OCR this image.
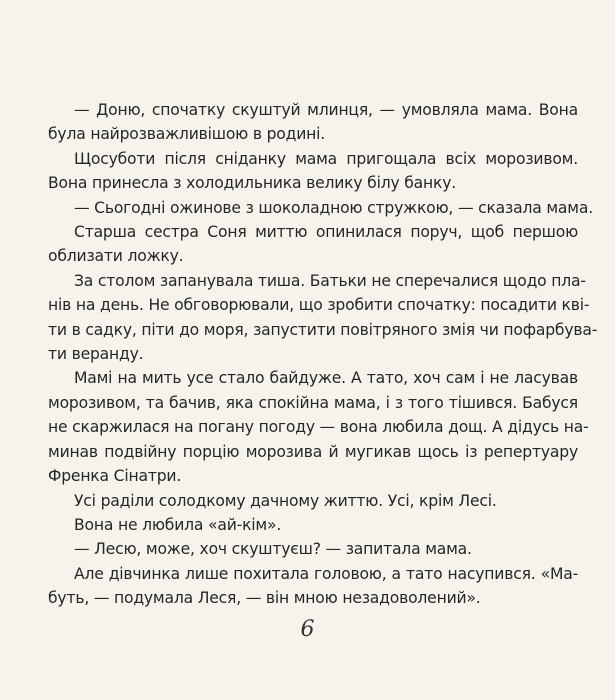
— Доню, спочатку скуштуй млинця, — умовляла мама. Вона
була найрозважливішою в родині.
Щосуботи після сніданку мама пригощала всіх морозивом.
Вона принесла з холодильника велику білу банку.
— Сьогодні ожинове з шоколадною стружкою, — сказала мама.
Старша сестра Соня миттю опинилася поруч, щоб першою
облизати ложку.
За столом запанувала тиша. Батьки не сперечалися щодо пла-
нів на день. Не обговорювали, що зробити спочатку: посадити кві-
ти в садку, піти до моря, запустити повітряного змія чи пофарбува-
ти веранду.
Мамі на мить усе стало байдуже. А тато, хоч сам і не ласував
морозивом, та бачив, яка спокійна мама, і з того тішився. Бабуся
не скаржилася на погану погоду — вона любила дощ. А дідусь на-
минав подвійну порцію морозива й мугикав щось із репертуару
Френка Сінатри.
Усі раділи солодкому дачному життю. Усі, крім Лесі.
Вона не любила «ай-кім».
— Лесю, може, хоч скуштуєш? — запитала мама.
Але дівчинка лише похитала головою, а тато насупився. «Ма-
буть, — подумала Леся, — він мною незадоволений».
6
